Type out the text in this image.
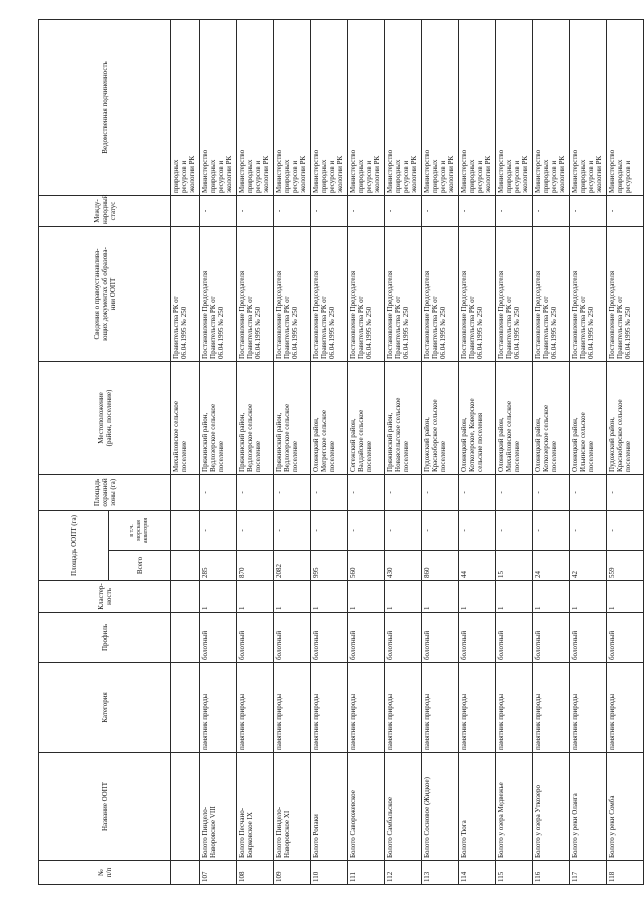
№
п/п	Название ООПТ	Категория	Профиль	Кластер-
ность	Площадь ООПТ (га)		Площадь
охранной
зоны (га)	Местоположение
(район, поселение)	Сведения о правоустанавлива-
ющих документах об образова-
нии ООПТ	Между-
народный
статус	Ведомственная подчиненность
					Всего	в т.ч.
морская
акватория					
								Михайловское сельское
поселение	Правительства РК от
06.04.1995 № 250		природных
ресурсов и
экологии РК
107	Болото Пиндело-
Наворовское VIII	памятник природы	болотный	1	285	-	-	Пряжинский район,
Ведлозерское сельское
поселение	Постановление Председателя
Правительства РК от
06.04.1995 № 250	-	Министерство
природных
ресурсов и
экологии РК
108	Болото Песчано-
Боярковское IX	памятник природы	болотный	1	870	-	-	Пряжинский район,
Ведлозерское сельское
поселение	Постановление Председателя
Правительства РК от
06.04.1995 № 250	-	Министерство
природных
ресурсов и
экологии РК
109	Болото Пиндело-
Наворовское XI	памятник природы	болотный	1	2082	-	-	Пряжинский район,
Ведлозерское сельское
поселение	Постановление Председателя
Правительства РК от
06.04.1995 № 250	-	Министерство
природных
ресурсов и
экологии РК
110	Болото Ропаки	памятник природы	болотный	1	995	-	-	Олонецкий район,
Мегрегское сельское
поселение	Постановление Председателя
Правительства РК от
06.04.1995 № 250	-	Министерство
природных
ресурсов и
экологии РК
111	Болото Саворожевское	памятник природы	болотный	1	560	-	-	Сегежский район,
Валдайское сельское
поселение	Постановление Председателя
Правительства РК от
06.04.1995 № 250	-	Министерство
природных
ресурсов и
экологии РК
112	Болото Самбальское	памятник природы	болотный	1	430	-	-	Пряжинский район,
Новаясельгское сельское
поселение	Постановление Председателя
Правительства РК от
06.04.1995 № 250	-	Министерство
природных
ресурсов и
экологии РК
113	Болото Сосновое (Жидкое)	памятник природы	болотный	1	860	-	-	Пудожский район,
Красноборское сельское
поселение	Постановление Председателя
Правительства РК от
06.04.1995 № 250	-	Министерство
природных
ресурсов и
экологии РК
114	Болото Тюга	памятник природы	болотный	1	44	-	-	Олонецкий район,
Коткозерское, Коверское
сельские поселения	Постановление Председателя
Правительства РК от
06.04.1995 № 250	-	Министерство
природных
ресурсов и
экологии РК
115	Болото у озера Медвежье	памятник природы	болотный	1	15	-	-	Олонецкий район,
Михайловское сельское
поселение	Постановление Председателя
Правительства РК от
06.04.1995 № 250	-	Министерство
природных
ресурсов и
экологии РК
116	Болото у озера Уткозеро	памятник природы	болотный	1	24	-	-	Олонецкий район,
Коткозерское сельское
поселение	Постановление Председателя
Правительства РК от
06.04.1995 № 250	-	Министерство
природных
ресурсов и
экологии РК
117	Болото у реки Оланга	памятник природы	болотный	1	42	-	-	Олонецкий район,
Ильинское сельское
поселение	Постановление Председателя
Правительства РК от
06.04.1995 № 250	-	Министерство
природных
ресурсов и
экологии РК
118	Болото у реки Сомба	памятник природы	болотный	1	559	-	-	Пудожский район,
Красноборское сельское
поселение	Постановление Председателя
Правительства РК от
06.04.1995 № 250	-	Министерство
природных
ресурсов и
